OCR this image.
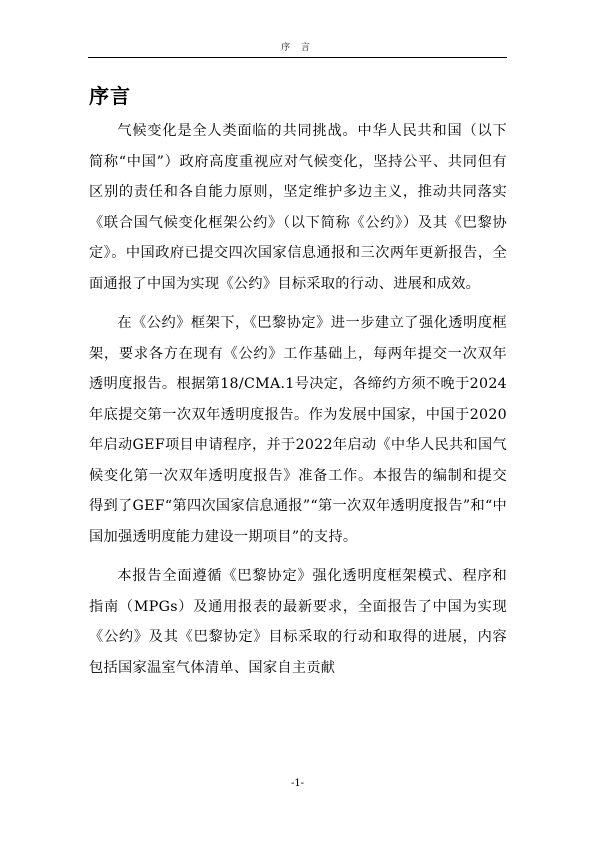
序 言
序言

气候变化是全人类面临的共同挑战。中华人民共和国（以下简称“中国”）政府高度重视应对气候变化，坚持公平、共同但有区别的责任和各自能力原则，坚定维护多边主义，推动共同落实《联合国气候变化框架公约》（以下简称《公约》）及其《巴黎协定》。中国政府已提交四次国家信息通报和三次两年更新报告，全面通报了中国为实现《公约》目标采取的行动、进展和成效。

在《公约》框架下，《巴黎协定》进一步建立了强化透明度框架，要求各方在现有《公约》工作基础上，每两年提交一次双年透明度报告。根据第18/CMA.1号决定，各缔约方须不晚于2024年底提交第一次双年透明度报告。作为发展中国家，中国于2020年启动GEF项目申请程序，并于2022年启动《中华人民共和国气候变化第一次双年透明度报告》准备工作。本报告的编制和提交得到了GEF“第四次国家信息通报”“第一次双年透明度报告”和“中国加强透明度能力建设一期项目”的支持。

本报告全面遵循《巴黎协定》强化透明度框架模式、程序和指南（MPGs）及通用报表的最新要求，全面报告了中国为实现《公约》及其《巴黎协定》目标采取的行动和取得的进展，内容包括国家温室气体清单、国家自主贡献

-1-
